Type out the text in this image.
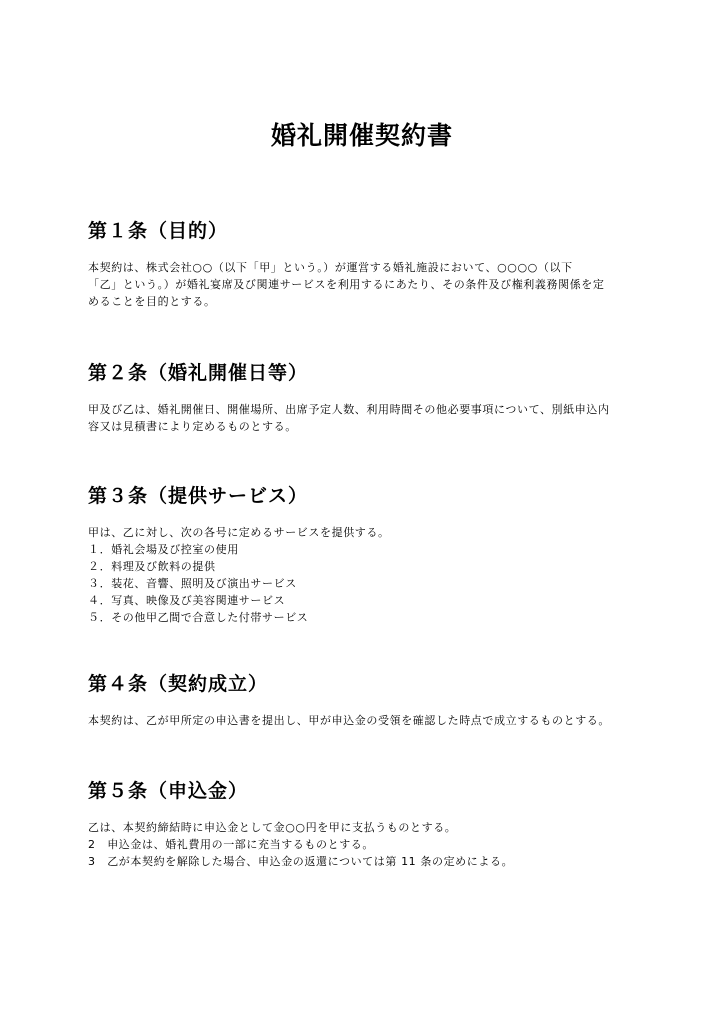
婚礼開催契約書
第１条（目的）
本契約は、株式会社○○（以下「甲」という。）が運営する婚礼施設において、○○○○（以下
「乙」という。）が婚礼宴席及び関連サービスを利用するにあたり、その条件及び権利義務関係を定
めることを目的とする。
第２条（婚礼開催日等）
甲及び乙は、婚礼開催日、開催場所、出席予定人数、利用時間その他必要事項について、別紙申込内
容又は見積書により定めるものとする。
第３条（提供サービス）
甲は、乙に対し、次の各号に定めるサービスを提供する。
１．婚礼会場及び控室の使用
２．料理及び飲料の提供
３．装花、音響、照明及び演出サービス
４．写真、映像及び美容関連サービス
５．その他甲乙間で合意した付帯サービス
第４条（契約成立）
本契約は、乙が甲所定の申込書を提出し、甲が申込金の受領を確認した時点で成立するものとする。
第５条（申込金）
乙は、本契約締結時に申込金として金○○円を甲に支払うものとする。
2　申込金は、婚礼費用の一部に充当するものとする。
3　乙が本契約を解除した場合、申込金の返還については第 11 条の定めによる。
